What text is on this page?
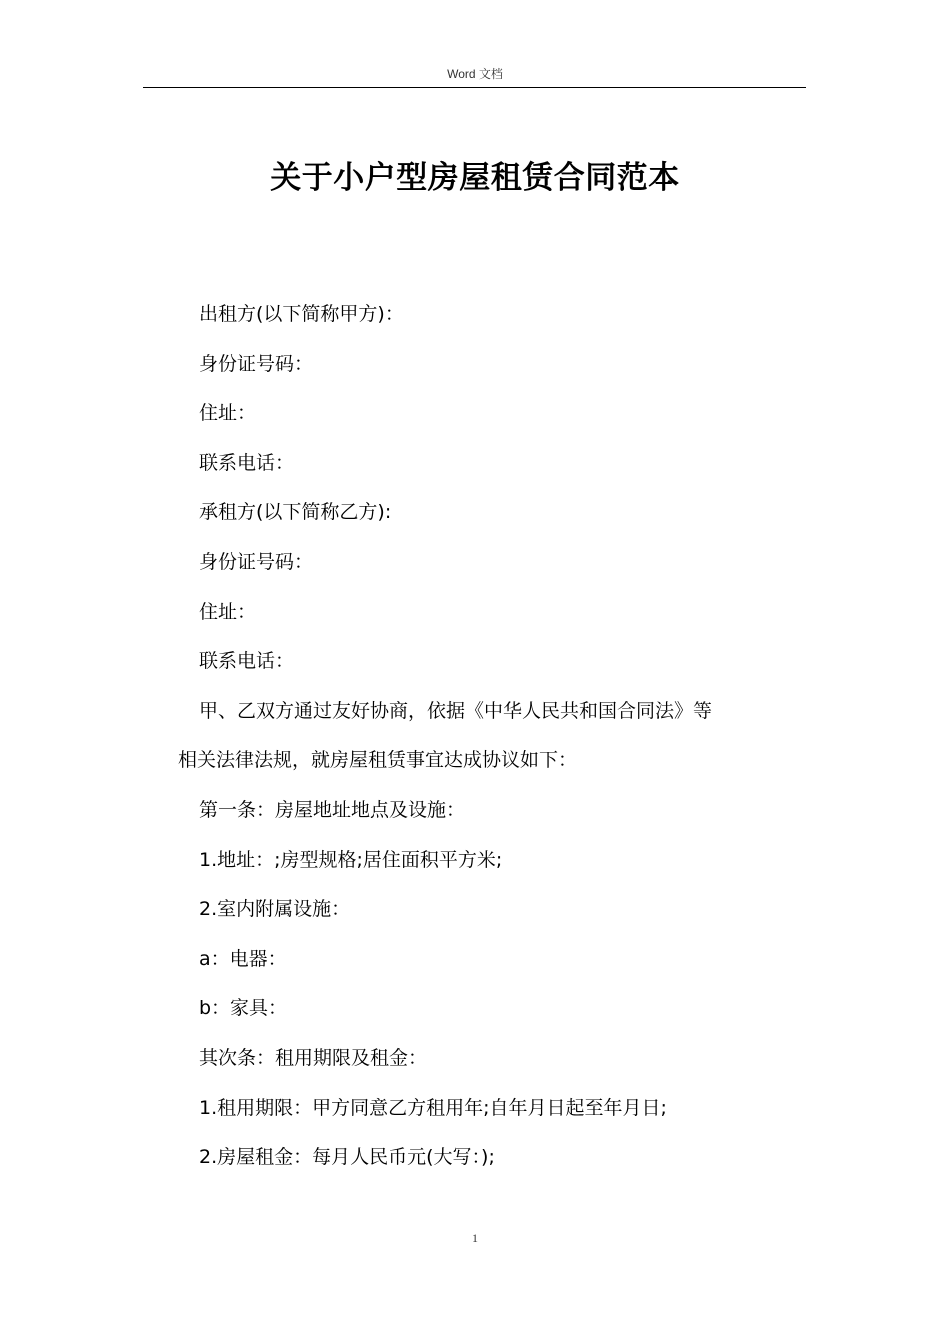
Word 文档
关于小户型房屋租赁合同范本
出租方(以下简称甲方)：
身份证号码：
住址：
联系电话：
承租方(以下简称乙方):
身份证号码：
住址：
联系电话：
甲、乙双方通过友好协商，依据《中华人民共和国合同法》等
相关法律法规，就房屋租赁事宜达成协议如下：
第一条：房屋地址地点及设施：
1.地址：;房型规格;居住面积平方米;
2.室内附属设施：
a：电器：
b：家具：
其次条：租用期限及租金：
1.租用期限：甲方同意乙方租用年;自年月日起至年月日;
2.房屋租金：每月人民币元(大写：);
1
